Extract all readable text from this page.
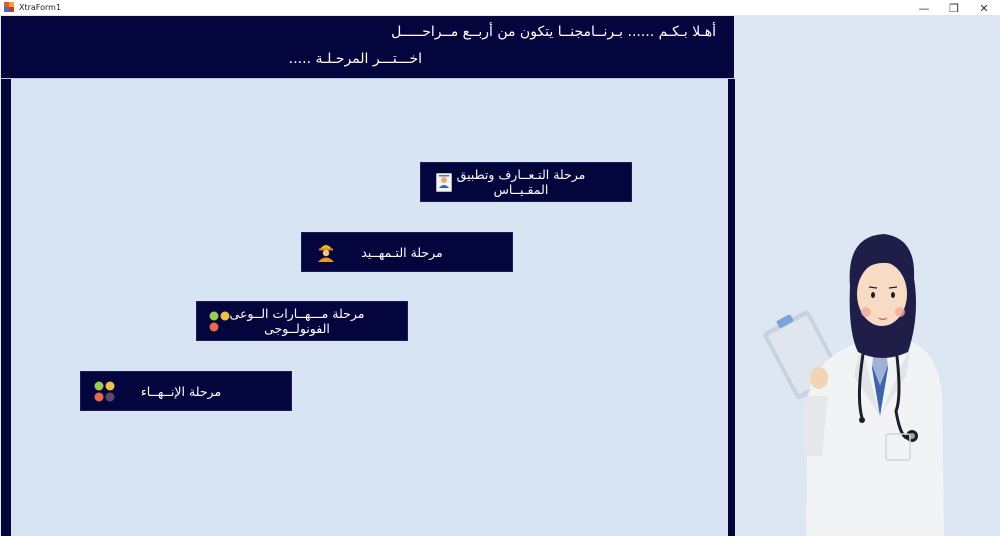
XtraForm1	—	❐	✕
أهـلا بـكـم ...... بـرنــامجنــا يتكون من أربــع مــراحـــــل
اخـــتـــر المرحـلـة .....
مرحلة التـعــارف وتطبيق المقـيــاس
مرحلة التـمهــيد
مرحلة مـــهــارات الــوعى الفونولــوجى
مرحلة الإنــهــاء
